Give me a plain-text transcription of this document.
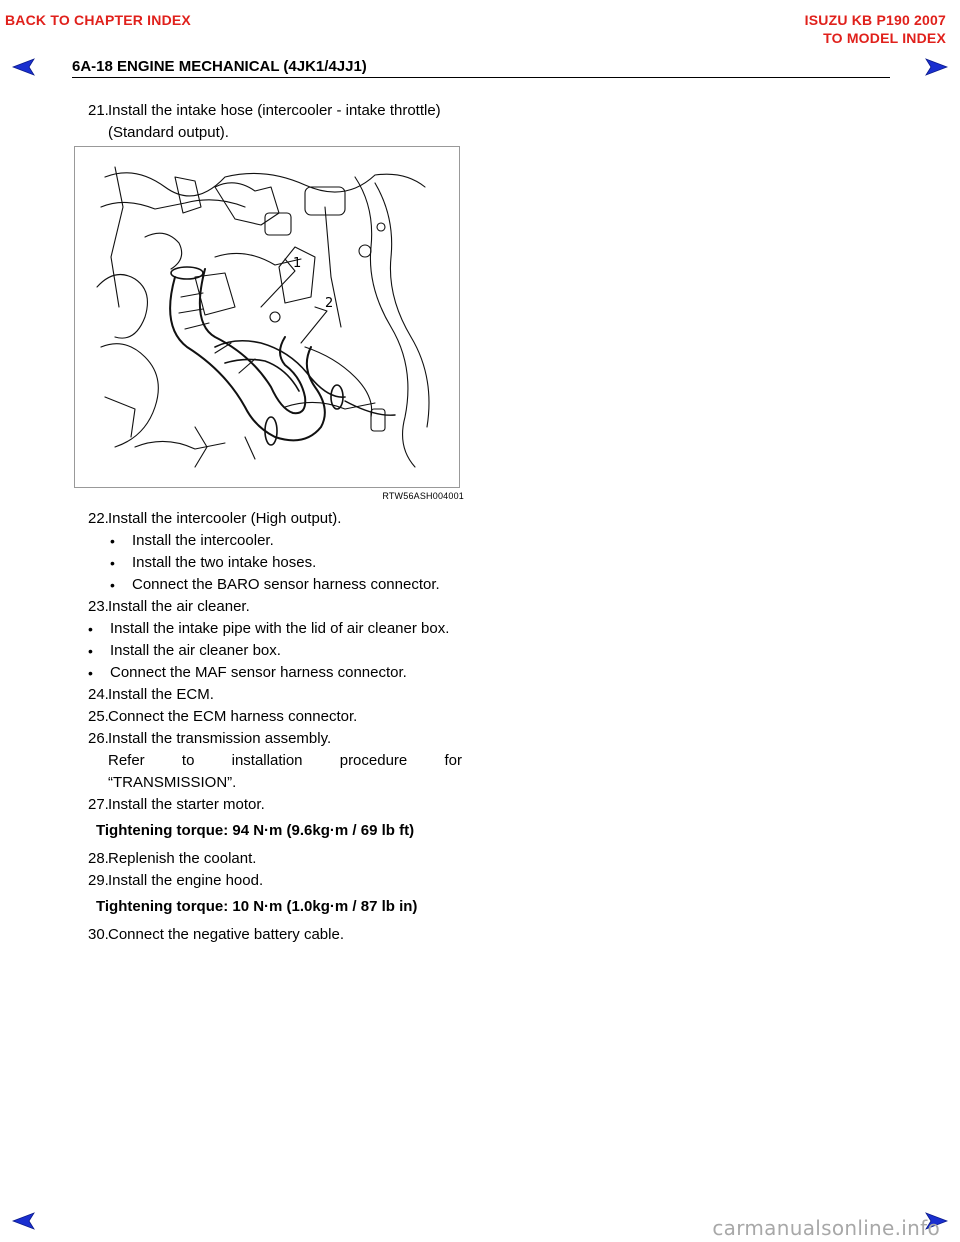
BACK TO CHAPTER INDEX	ISUZU KB P190 2007
TO MODEL INDEX
6A-18 ENGINE MECHANICAL (4JK1/4JJ1)
21. Install the intake hose (intercooler - intake throttle)
(Standard output).
1
2
RTW56ASH004001
22. Install the intercooler (High output).
•	Install the intercooler.
•	Install the two intake hoses.
•	Connect the BARO sensor harness connector.
23. Install the air cleaner.
•	Install the intake pipe with the lid of air cleaner box.
•	Install the air cleaner box.
•	Connect the MAF sensor harness connector.
24. Install the ECM.
25. Connect the ECM harness connector.
26. Install the transmission assembly.
Refer to installation procedure for
“TRANSMISSION”.
27. Install the starter motor.
Tightening torque: 94 N·m (9.6kg·m / 69 lb ft)
28. Replenish the coolant.
29. Install the engine hood.
Tightening torque: 10 N·m (1.0kg·m / 87 lb in)
30. Connect the negative battery cable.
carmanualsonline.info
